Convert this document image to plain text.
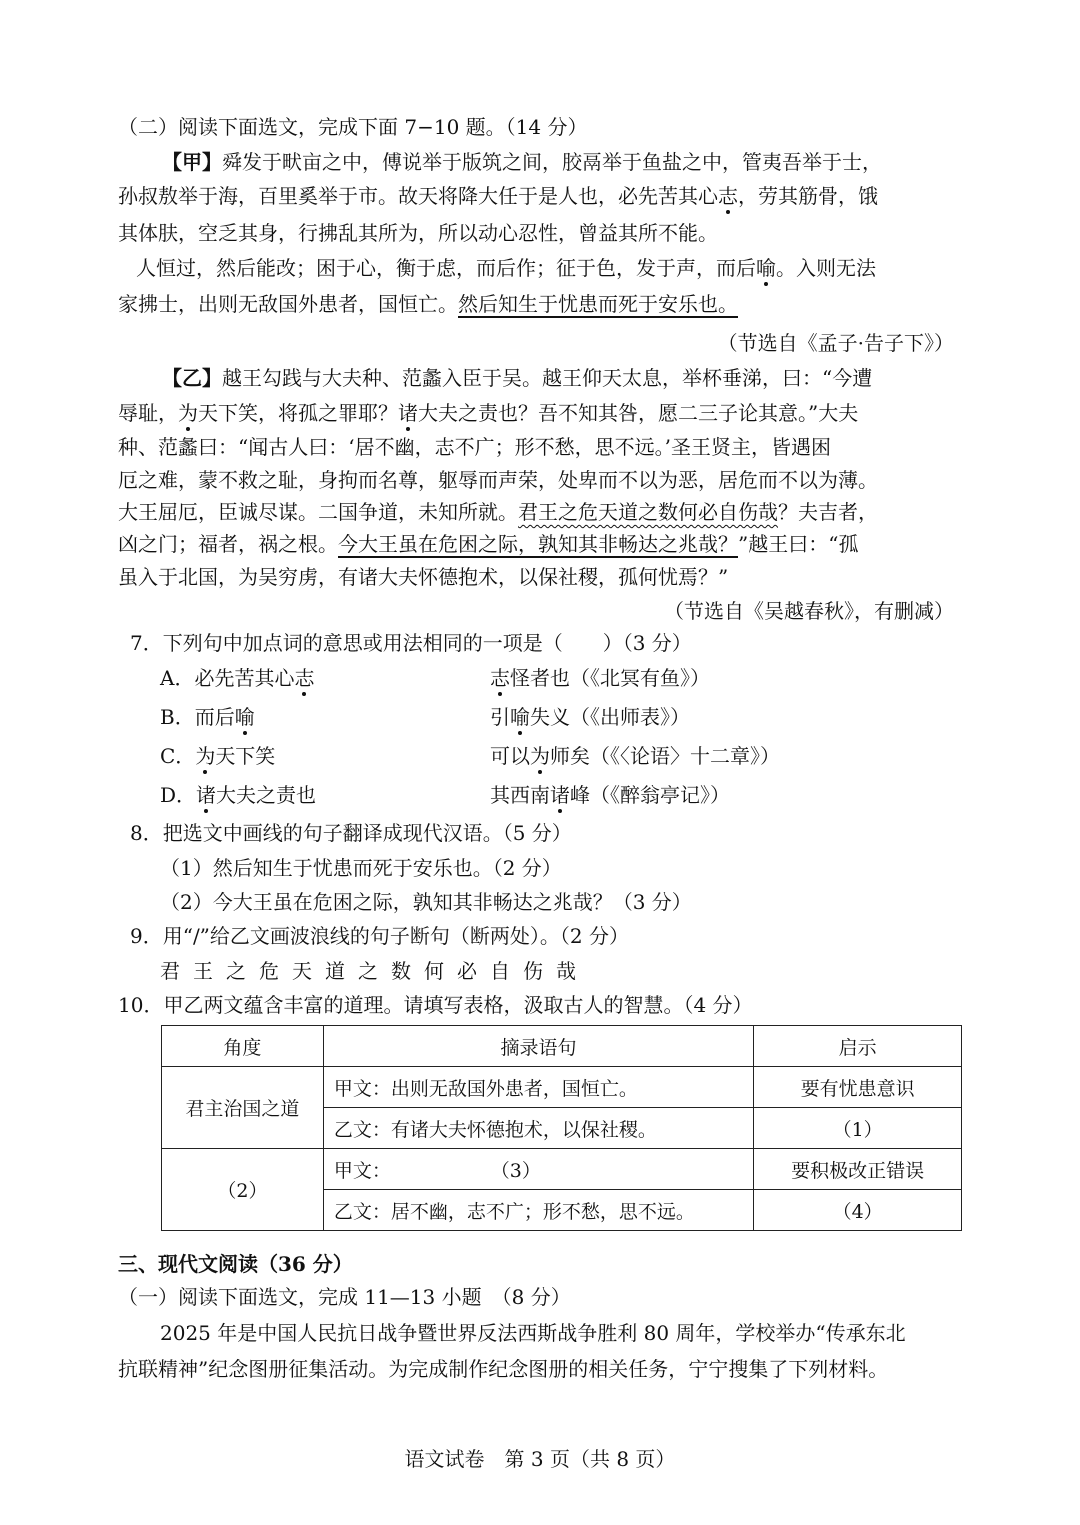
（二）阅读下面选文，完成下面 7−10 题。（14 分）
【甲】舜发于畎亩之中，傅说举于版筑之间，胶鬲举于鱼盐之中，管夷吾举于士，
孙叔敖举于海，百里奚举于市。故天将降大任于是人也，必先苦其心志，劳其筋骨，饿
其体肤，空乏其身，行拂乱其所为，所以动心忍性，曾益其所不能。
人恒过，然后能改；困于心，衡于虑，而后作；征于色，发于声，而后喻。入则无法
家拂士，出则无敌国外患者，国恒亡。然后知生于忧患而死于安乐也。
（节选自《孟子·告子下》）
【乙】越王勾践与大夫种、范蠡入臣于吴。越王仰天太息，举杯垂涕，曰：“今遭
辱耻，为天下笑，将孤之罪耶？诸大夫之责也？吾不知其咎，愿二三子论其意。”大夫
种、范蠡曰：“闻古人曰：‘居不幽，志不广；形不愁，思不远。’圣王贤主，皆遇困
厄之难，蒙不救之耻，身拘而名尊，躯辱而声荣，处卑而不以为恶，居危而不以为薄。
大王屈厄，臣诚尽谋。二国争道，未知所就。君王之危天道之数何必自伤哉？夫吉者，
凶之门；福者，祸之根。今大王虽在危困之际，孰知其非畅达之兆哉？”越王曰：“孤
虽入于北国，为吴穷虏，有诸大夫怀德抱术，以保社稷，孤何忧焉？”
（节选自《吴越春秋》，有删减）
7．下列句中加点词的意思或用法相同的一项是（　　）（3 分）
A．必先苦其心志	志怪者也（《北冥有鱼》）
B．而后喻	引喻失义（《出师表》）
C．为天下笑	可以为师矣（《〈论语〉十二章》）
D．诸大夫之责也	其西南诸峰（《醉翁亭记》）
8．把选文中画线的句子翻译成现代汉语。（5 分）
（1）然后知生于忧患而死于安乐也。（2 分）
（2）今大王虽在危困之际，孰知其非畅达之兆哉？（3 分）
9．用“/”给乙文画波浪线的句子断句（断两处）。（2 分）
君王之危天道之数何必自伤哉
10．甲乙两文蕴含丰富的道理。请填写表格，汲取古人的智慧。（4 分）
角度	摘录语句	启示
君主治国之道	甲文：出则无敌国外患者，国恒亡。	要有忧患意识
	乙文：有诸大夫怀德抱术，以保社稷。	（1）
（2）	甲文： （3）	要积极改正错误
	乙文：居不幽，志不广；形不愁，思不远。	（4）
三、现代文阅读（36 分）
（一）阅读下面选文，完成 11—13 小题　（8 分）
2025 年是中国人民抗日战争暨世界反法西斯战争胜利 80 周年，学校举办“传承东北
抗联精神”纪念图册征集活动。为完成制作纪念图册的相关任务，宁宁搜集了下列材料。
语文试卷　第 3 页（共 8 页）
